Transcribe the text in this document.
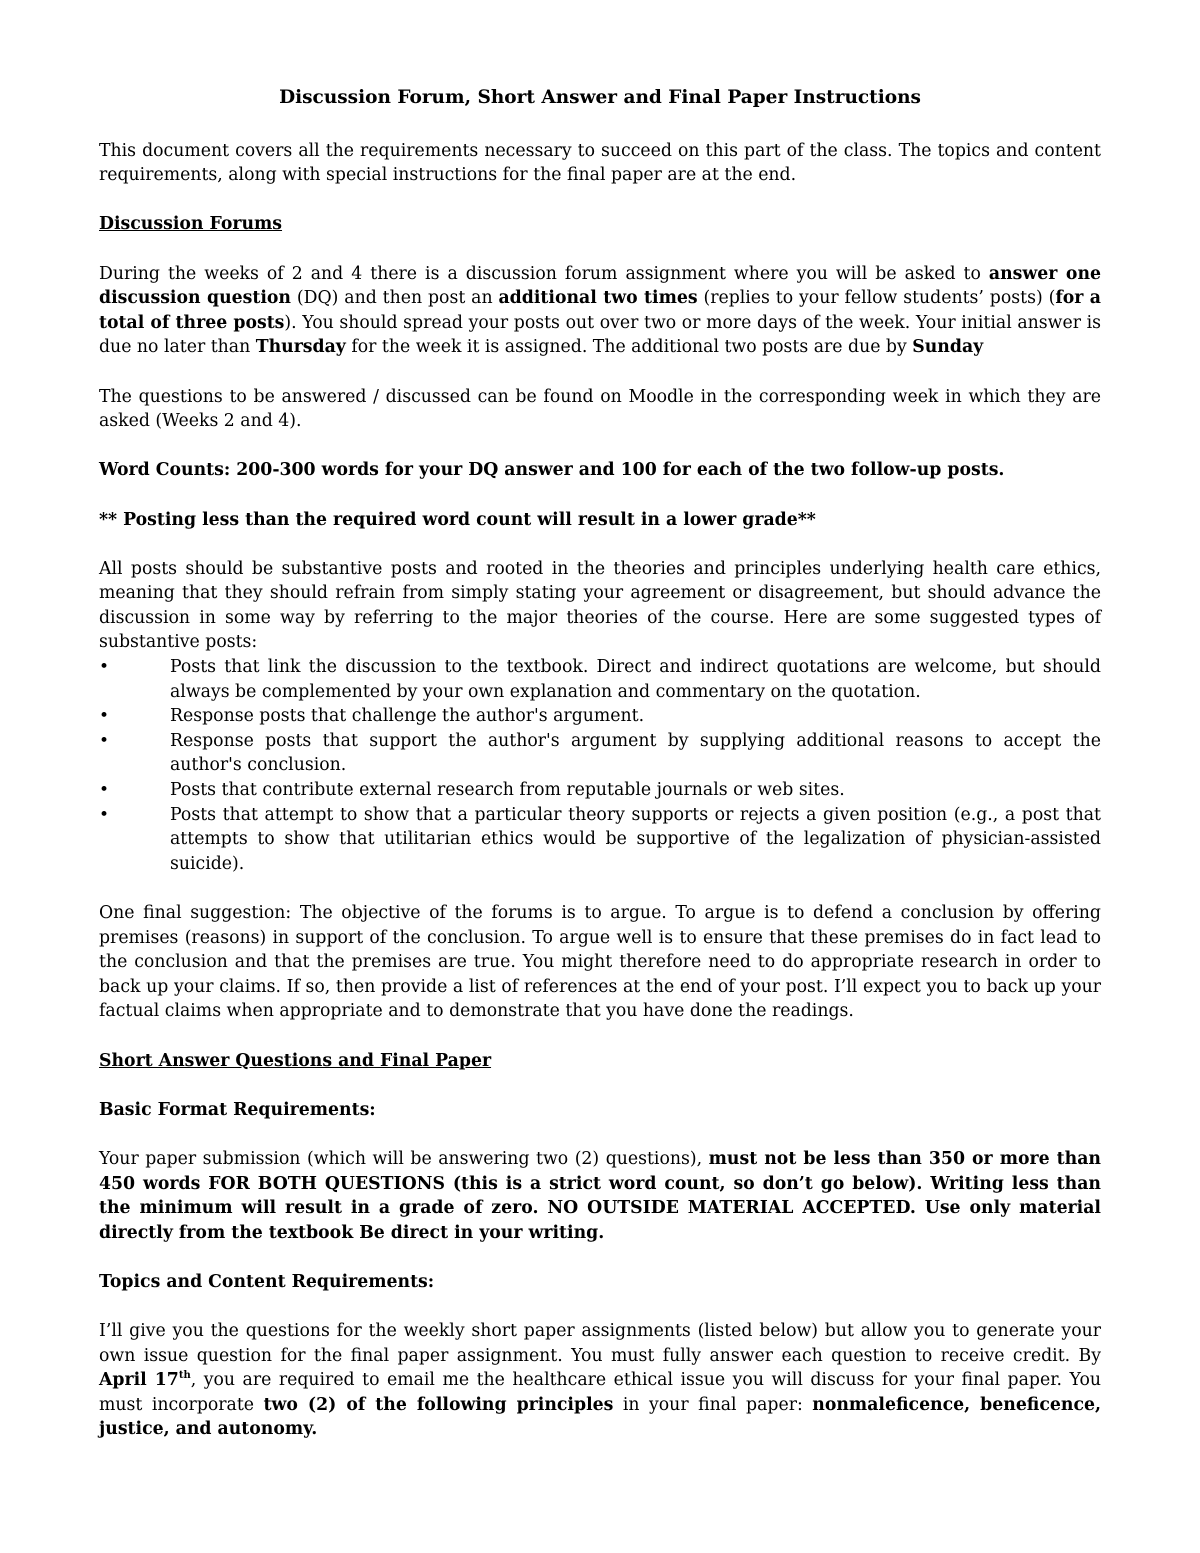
Discussion Forum, Short Answer and Final Paper Instructions

This document covers all the requirements necessary to succeed on this part of the class. The topics and content requirements, along with special instructions for the final paper are at the end.

Discussion Forums

During the weeks of 2 and 4 there is a discussion forum assignment where you will be asked to answer one discussion question (DQ) and then post an additional two times (replies to your fellow students’ posts) (for a total of three posts). You should spread your posts out over two or more days of the week. Your initial answer is due no later than Thursday for the week it is assigned. The additional two posts are due by Sunday

The questions to be answered / discussed can be found on Moodle in the corresponding week in which they are asked (Weeks 2 and 4).

Word Counts: 200-300 words for your DQ answer and 100 for each of the two follow-up posts.

** Posting less than the required word count will result in a lower grade**

All posts should be substantive posts and rooted in the theories and principles underlying health care ethics, meaning that they should refrain from simply stating your agreement or disagreement, but should advance the discussion in some way by referring to the major theories of the course. Here are some suggested types of substantive posts:

•	Posts that link the discussion to the textbook. Direct and indirect quotations are welcome, but should always be complemented by your own explanation and commentary on the quotation.
•	Response posts that challenge the author's argument.
•	Response posts that support the author's argument by supplying additional reasons to accept the author's conclusion.
•	Posts that contribute external research from reputable journals or web sites.
•	Posts that attempt to show that a particular theory supports or rejects a given position (e.g., a post that attempts to show that utilitarian ethics would be supportive of the legalization of physician-assisted suicide).

One final suggestion: The objective of the forums is to argue. To argue is to defend a conclusion by offering premises (reasons) in support of the conclusion. To argue well is to ensure that these premises do in fact lead to the conclusion and that the premises are true. You might therefore need to do appropriate research in order to back up your claims. If so, then provide a list of references at the end of your post. I’ll expect you to back up your factual claims when appropriate and to demonstrate that you have done the readings.

Short Answer Questions and Final Paper
Basic Format Requirements:

Your paper submission (which will be answering two (2) questions), must not be less than 350 or more than 450 words FOR BOTH QUESTIONS (this is a strict word count, so don’t go below). Writing less than the minimum will result in a grade of zero. NO OUTSIDE MATERIAL ACCEPTED. Use only material directly from the textbook Be direct in your writing.

Topics and Content Requirements:

I’ll give you the questions for the weekly short paper assignments (listed below) but allow you to generate your own issue question for the final paper assignment. You must fully answer each question to receive credit. By April 17th, you are required to email me the healthcare ethical issue you will discuss for your final paper. You must incorporate two (2) of the following principles in your final paper: nonmaleficence, beneficence, justice, and autonomy.
